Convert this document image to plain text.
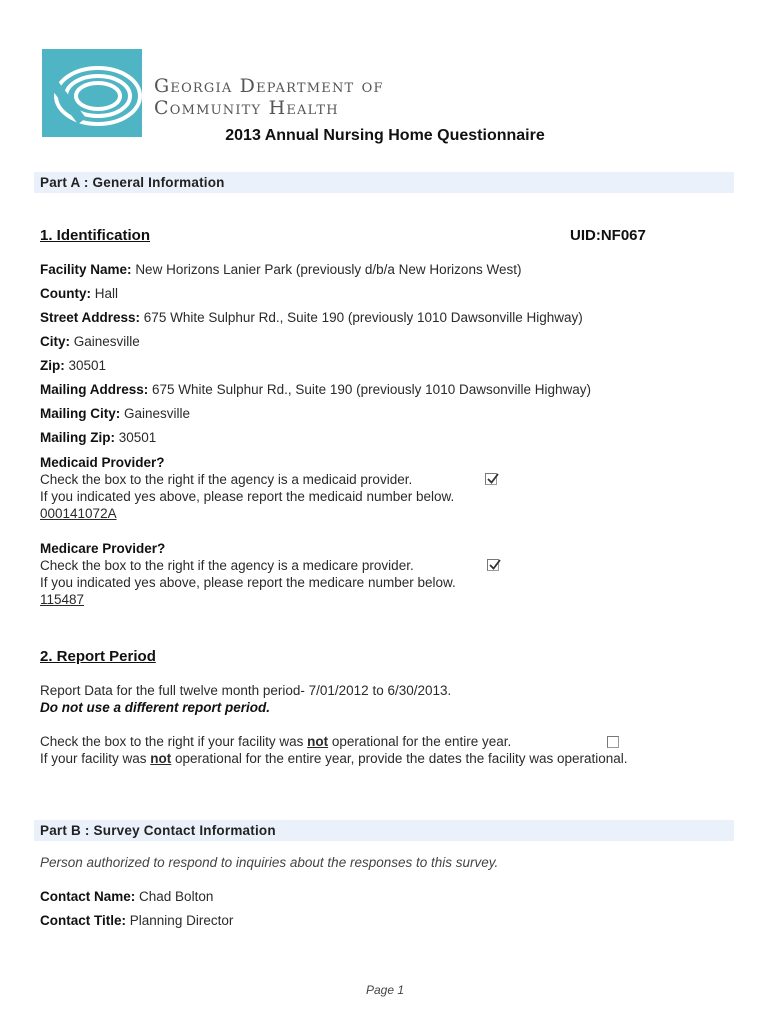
Georgia Department of
Community Health
2013 Annual Nursing Home Questionnaire
Part A : General Information
1. Identification	UID:NF067
Facility Name: New Horizons Lanier Park (previously d/b/a New Horizons West)
County: Hall
Street Address: 675 White Sulphur Rd., Suite 190 (previously 1010 Dawsonville Highway)
City: Gainesville
Zip: 30501
Mailing Address: 675 White Sulphur Rd., Suite 190 (previously 1010 Dawsonville Highway)
Mailing City: Gainesville
Mailing Zip: 30501
Medicaid Provider?
Check the box to the right if the agency is a medicaid provider.
If you indicated yes above, please report the medicaid number below.
000141072A
Medicare Provider?
Check the box to the right if the agency is a medicare provider.
If you indicated yes above, please report the medicare number below.
115487
2. Report Period
Report Data for the full twelve month period- 7/01/2012 to 6/30/2013.
Do not use a different report period.
Check the box to the right if your facility was not operational for the entire year.
If your facility was not operational for the entire year, provide the dates the facility was operational.
Part B : Survey Contact Information
Person authorized to respond to inquiries about the responses to this survey.
Contact Name: Chad Bolton
Contact Title: Planning Director
Page 1
